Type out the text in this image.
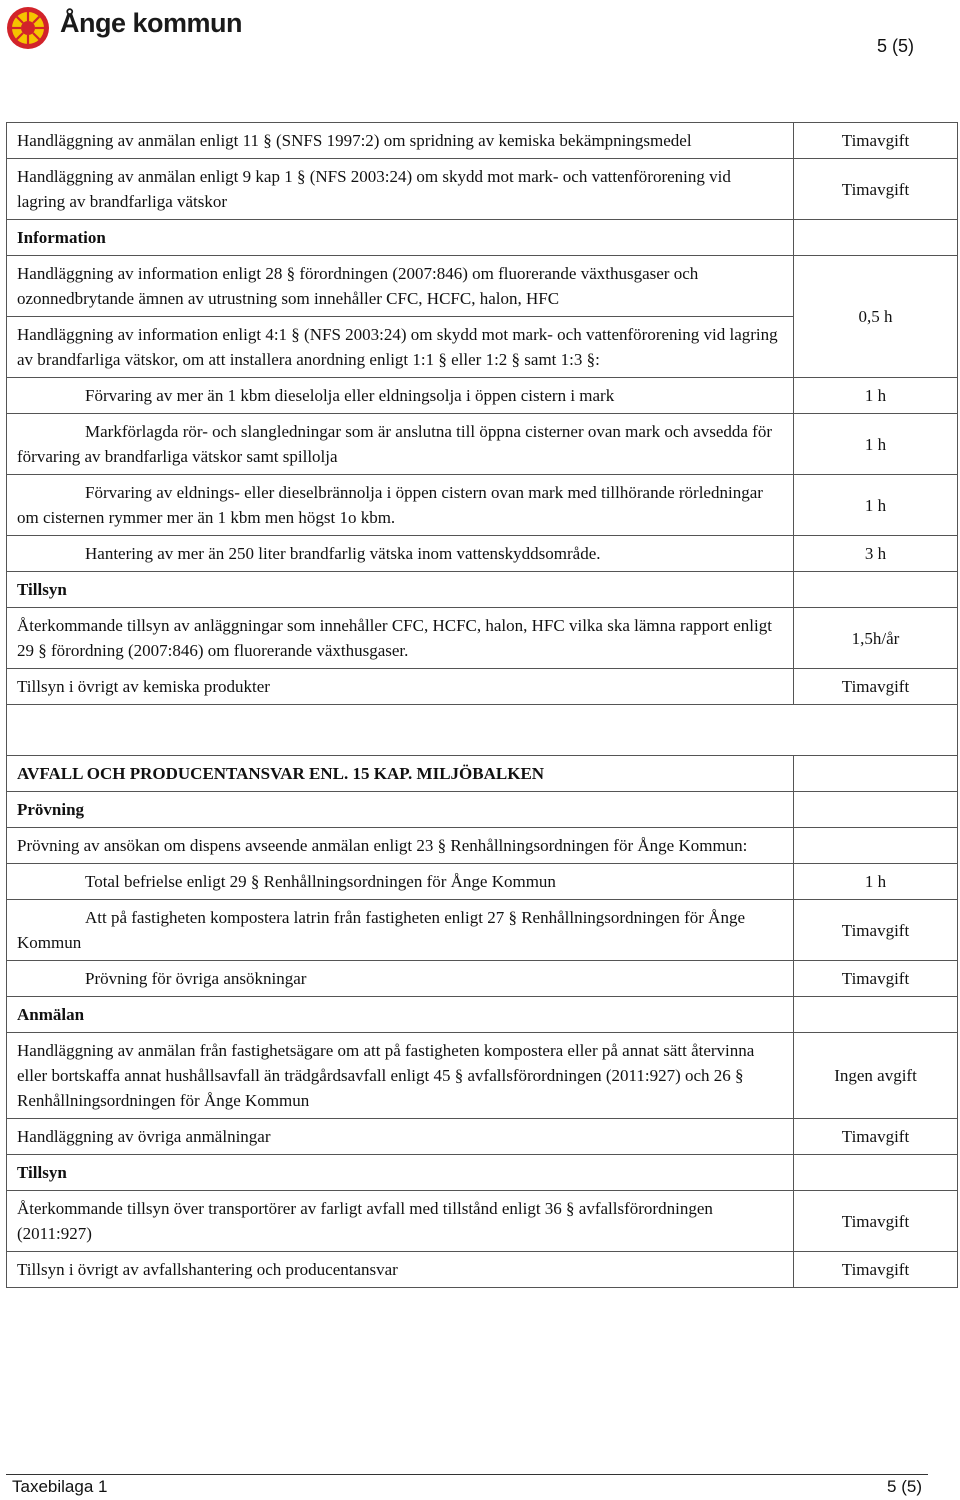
Ånge kommun
5 (5)
Handläggning av anmälan enligt 11 § (SNFS 1997:2) om spridning av kemiska bekämpningsmedel	Timavgift
Handläggning av anmälan enligt 9 kap 1 § (NFS 2003:24) om skydd mot mark- och vattenförorening vid lagring av brandfarliga vätskor	Timavgift
Information	
Handläggning av information enligt 28 § förordningen (2007:846) om fluorerande växthusgaser och ozonnedbrytande ämnen av utrustning som innehåller CFC, HCFC, halon, HFC	0,5 h
Handläggning av information enligt 4:1 § (NFS 2003:24) om skydd mot mark- och vattenförorening vid lagring av brandfarliga vätskor, om att installera anordning enligt 1:1 § eller 1:2 § samt 1:3 §:	
Förvaring av mer än 1 kbm dieselolja eller eldningsolja i öppen cistern i mark	1 h
Markförlagda rör- och slangledningar som är anslutna till öppna cisterner ovan mark och avsedda för förvaring av brandfarliga vätskor samt spillolja	1 h
Förvaring av eldnings- eller dieselbrännolja i öppen cistern ovan mark med tillhörande rörledningar om cisternen rymmer mer än 1 kbm men högst 1o kbm.	1 h
Hantering av mer än 250 liter brandfarlig vätska inom vattenskyddsområde.	3 h
Tillsyn	
Återkommande tillsyn av anläggningar som innehåller CFC, HCFC, halon, HFC vilka ska lämna rapport enligt 29 § förordning (2007:846) om fluorerande växthusgaser.	1,5h/år
Tillsyn i övrigt av kemiska produkter	Timavgift

AVFALL OCH PRODUCENTANSVAR ENL. 15 KAP. MILJÖBALKEN	
Prövning	
Prövning av ansökan om dispens avseende anmälan enligt 23 § Renhållningsordningen för Ånge Kommun:	
Total befrielse enligt 29 § Renhållningsordningen för Ånge Kommun	1 h
Att på fastigheten kompostera latrin från fastigheten enligt 27 § Renhållningsordningen för Ånge Kommun	Timavgift
Prövning för övriga ansökningar	Timavgift
Anmälan	
Handläggning av anmälan från fastighetsägare om att på fastigheten kompostera eller på annat sätt återvinna eller bortskaffa annat hushållsavfall än trädgårdsavfall enligt 45 § avfallsförordningen (2011:927) och 26 § Renhållningsordningen för Ånge Kommun	Ingen avgift
Handläggning av övriga anmälningar	Timavgift
Tillsyn	
Återkommande tillsyn över transportörer av farligt avfall med tillstånd enligt 36 § avfallsförordningen (2011:927)	Timavgift
Tillsyn i övrigt av avfallshantering och producentansvar	Timavgift
Taxebilaga 1	5 (5)
